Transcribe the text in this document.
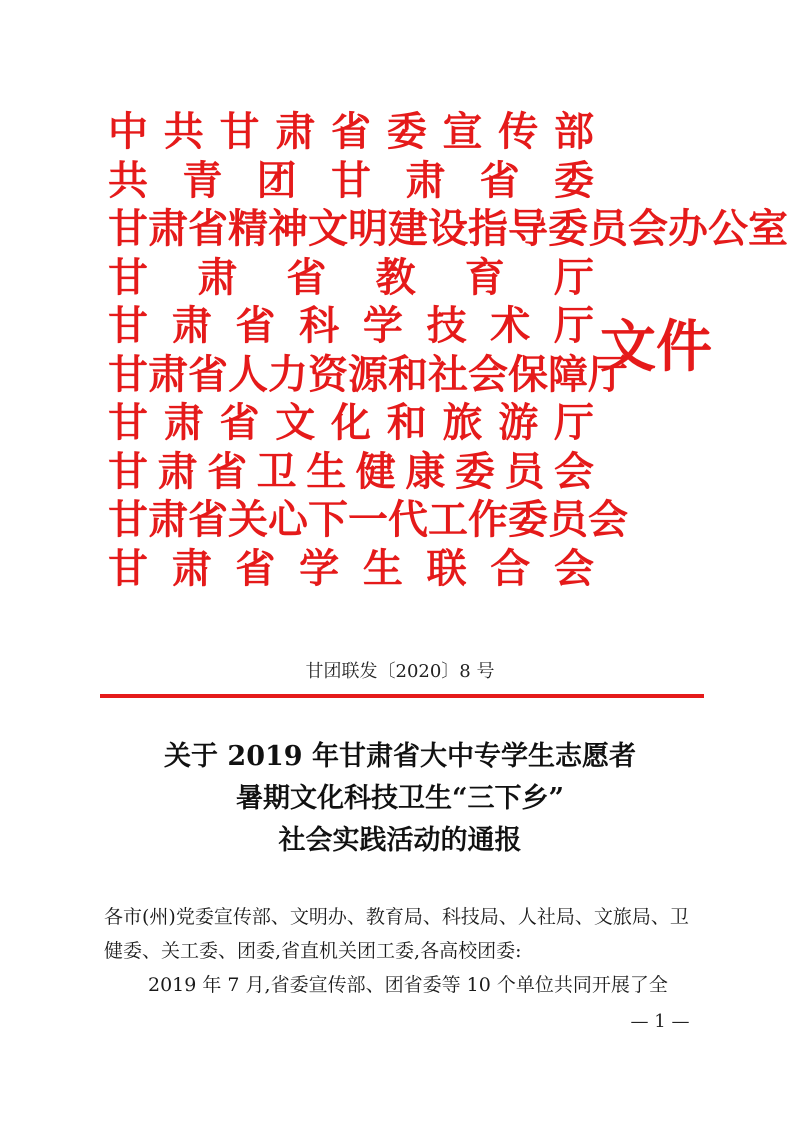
中共甘肃省委宣传部
共青团甘肃省委
甘肃省精神文明建设指导委员会办公室
甘肃省教育厅
甘肃省科学技术厅
甘肃省人力资源和社会保障厅
甘肃省文化和旅游厅
甘肃省卫生健康委员会
甘肃省关心下一代工作委员会
甘肃省学生联合会
文件
甘团联发〔2020〕8 号
关于 2019 年甘肃省大中专学生志愿者
暑期文化科技卫生“三下乡”
社会实践活动的通报

各市(州)党委宣传部、文明办、教育局、科技局、人社局、文旅局、卫

健委、关工委、团委,省直机关团工委,各高校团委:

2019 年 7 月,省委宣传部、团省委等 10 个单位共同开展了全

— 1 —
